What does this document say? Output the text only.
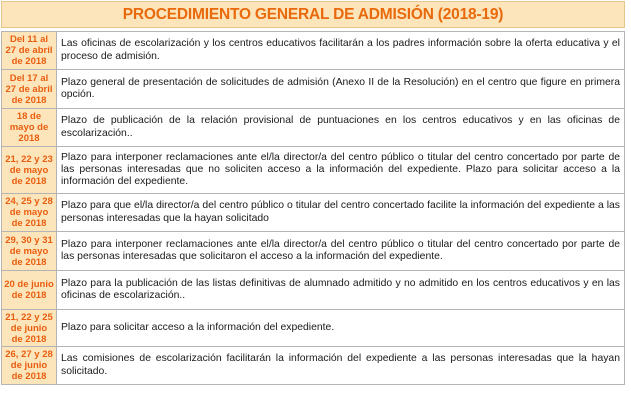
PROCEDIMIENTO GENERAL DE ADMISIÓN (2018-19)
Del 11 al 27 de abril de 2018
Las oficinas de escolarización y los centros educativos facilitarán a los padres información sobre la oferta educativa y el proceso de admisión.
Del 17 al 27 de abril de 2018
Plazo general de presentación de solicitudes de admisión (Anexo II de la Resolución) en el centro que figure en primera opción.
18 de mayo de 2018
Plazo de publicación de la relación provisional de puntuaciones en los centros educativos y en las oficinas de escolarización..
21, 22 y 23 de mayo de 2018
Plazo para interponer reclamaciones ante el/la director/a del centro público o titular del centro concertado por parte de las personas interesadas que no soliciten acceso a la información del expediente. Plazo para solicitar acceso a la información del expediente.
24, 25 y 28 de mayo de 2018
Plazo para que el/la director/a del centro público o titular del centro concertado facilite la información del expediente a las personas interesadas que la hayan solicitado
29, 30 y 31 de mayo de 2018
Plazo para interponer reclamaciones ante el/la director/a del centro público o titular del centro concertado por parte de las personas interesadas que solicitaron el acceso a la información del expediente.
20 de junio de 2018
Plazo para la publicación de las listas definitivas de alumnado admitido y no admitido en los centros educativos y en las oficinas de escolarización..
21, 22 y 25 de junio de 2018
Plazo para solicitar acceso a la información del expediente.
26, 27 y 28 de junio de 2018
Las comisiones de escolarización facilitarán la información del expediente a las personas interesadas que la hayan solicitado.
